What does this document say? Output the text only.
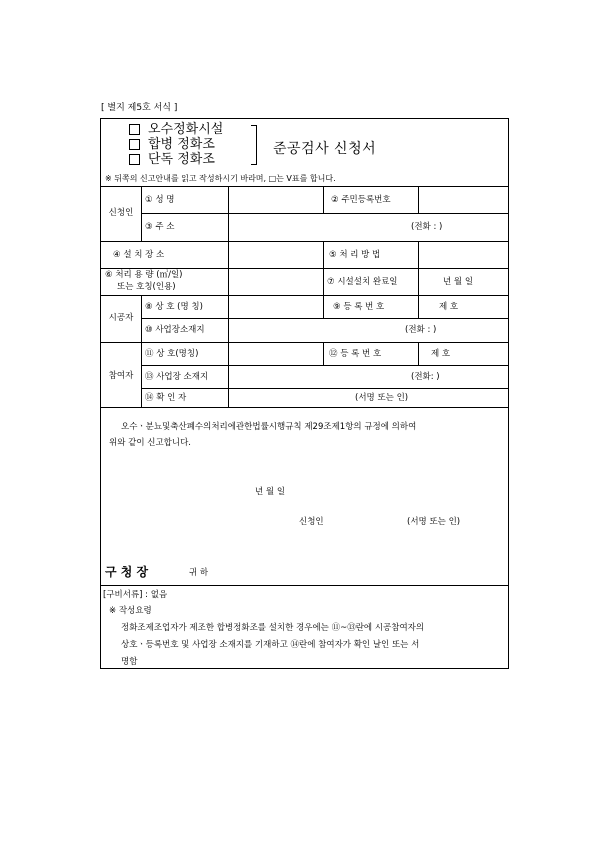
[ 별지 제5호 서식 ]
오수정화시설
합병 정화조
단독 정화조
준공검사 신청서
※ 뒤쪽의 신고안내를 읽고 작성하시기 바라며, □는 V표를 합니다.
신청인
① 성 명	② 주민등록번호
③ 주 소	(전화 : )
④ 설 치 장 소	⑤ 처 리 방 법
⑥ 처리 용 량 (㎥/일)
또는 호칭(인용)	⑦ 시설설치 완료일	년 월 일
시공자
⑧ 상 호 (명 칭)	⑨ 등 록 번 호	제 호
⑩ 사업장소재지	(전화 : )
참여자
⑪ 상 호(명칭)	⑫ 등 록 번 호	제 호
⑬ 사업장 소재지	(전화: )
⑭ 확 인 자	(서명 또는 인)
오수ㆍ분뇨및축산폐수의처리에관한법률시행규칙 제29조제1항의 규정에 의하여
위와 같이 신고합니다.
년 월 일
신청인	(서명 또는 인)
구 청 장	귀 하
[구비서류] : 없음
※ 작성요령
정화조제조업자가 제조한 합병정화조를 설치한 경우에는 ⑪~⑬란에 시공참여자의
상호ㆍ등록번호 및 사업장 소재지를 기재하고 ⑭란에 참여자가 확인 날인 또는 서
명함
